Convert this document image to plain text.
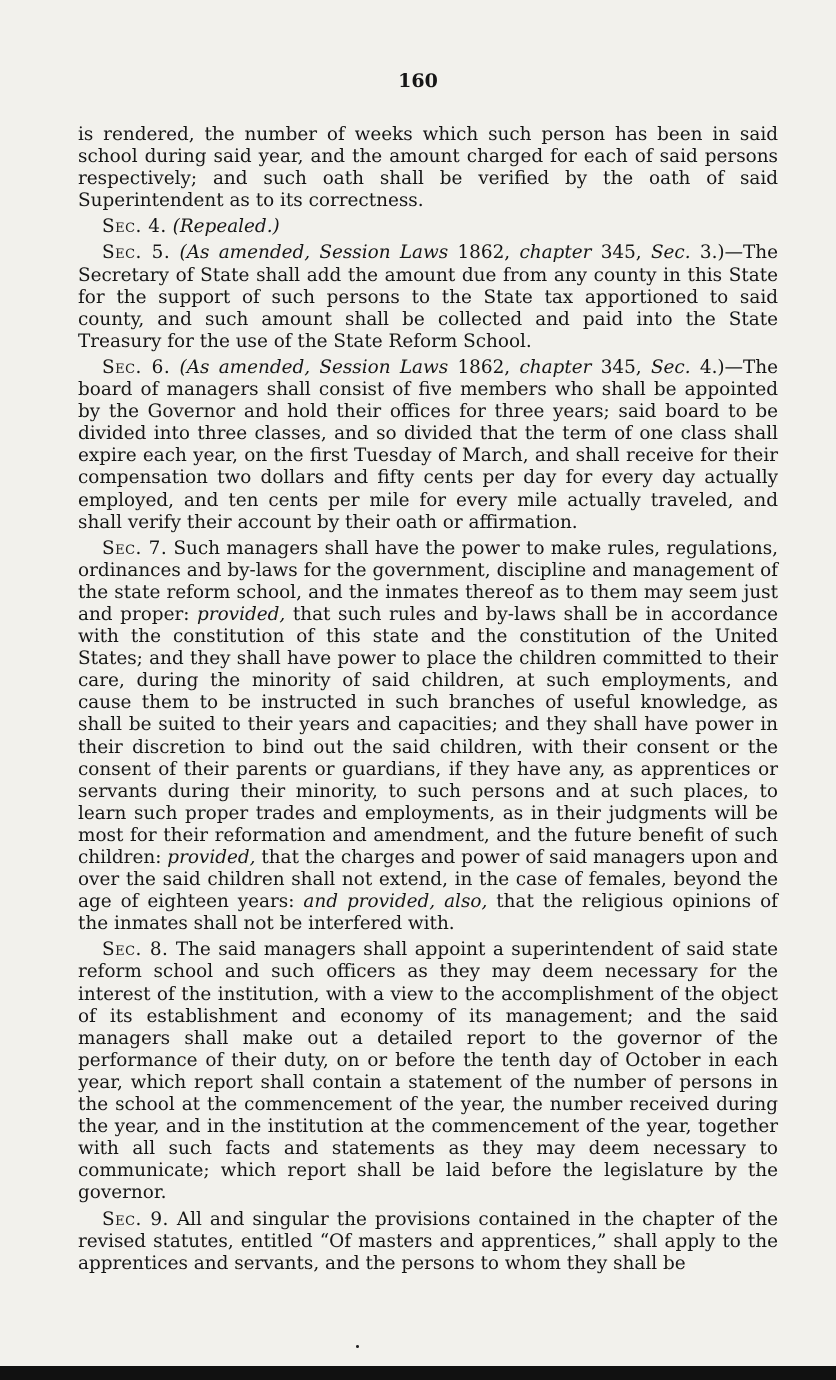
160

is rendered, the number of weeks which such person has been in said school during said year, and the amount charged for each of said persons respectively; and such oath shall be verified by the oath of said Superintendent as to its correctness.

Sec. 4. (Repealed.)

Sec. 5. (As amended, Session Laws 1862, chapter 345, Sec. 3.)—The Secretary of State shall add the amount due from any county in this State for the support of such persons to the State tax apportioned to said county, and such amount shall be collected and paid into the State Treasury for the use of the State Reform School.

Sec. 6. (As amended, Session Laws 1862, chapter 345, Sec. 4.)—The board of managers shall consist of five members who shall be appointed by the Governor and hold their offices for three years; said board to be divided into three classes, and so divided that the term of one class shall expire each year, on the first Tuesday of March, and shall receive for their compensation two dollars and fifty cents per day for every day actually employed, and ten cents per mile for every mile actually traveled, and shall verify their account by their oath or affirmation.

Sec. 7. Such managers shall have the power to make rules, regulations, ordinances and by-laws for the government, discipline and management of the state reform school, and the inmates thereof as to them may seem just and proper: provided, that such rules and by-laws shall be in accordance with the constitution of this state and the constitution of the United States; and they shall have power to place the children committed to their care, during the minority of said children, at such employments, and cause them to be instructed in such branches of useful knowledge, as shall be suited to their years and capacities; and they shall have power in their discretion to bind out the said children, with their consent or the consent of their parents or guardians, if they have any, as apprentices or servants during their minority, to such persons and at such places, to learn such proper trades and employments, as in their judgments will be most for their reformation and amendment, and the future benefit of such children: provided, that the charges and power of said managers upon and over the said children shall not extend, in the case of females, beyond the age of eighteen years: and provided, also, that the religious opinions of the inmates shall not be interfered with.

Sec. 8. The said managers shall appoint a superintendent of said state reform school and such officers as they may deem necessary for the interest of the institution, with a view to the accomplishment of the object of its establishment and economy of its management; and the said managers shall make out a detailed report to the governor of the performance of their duty, on or before the tenth day of October in each year, which report shall contain a statement of the number of persons in the school at the commencement of the year, the number received during the year, and in the institution at the commencement of the year, together with all such facts and statements as they may deem necessary to communicate; which report shall be laid before the legislature by the governor.

Sec. 9. All and singular the provisions contained in the chapter of the revised statutes, entitled “Of masters and apprentices,” shall apply to the apprentices and servants, and the persons to whom they shall be
